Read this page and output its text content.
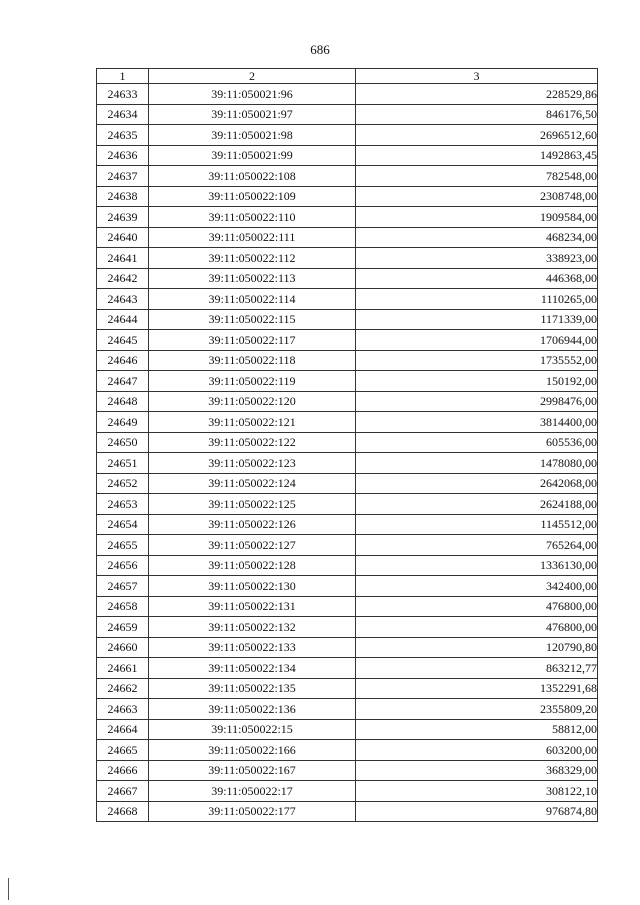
686
1	2	3
24633	39:11:050021:96	228529,86
24634	39:11:050021:97	846176,50
24635	39:11:050021:98	2696512,60
24636	39:11:050021:99	1492863,45
24637	39:11:050022:108	782548,00
24638	39:11:050022:109	2308748,00
24639	39:11:050022:110	1909584,00
24640	39:11:050022:111	468234,00
24641	39:11:050022:112	338923,00
24642	39:11:050022:113	446368,00
24643	39:11:050022:114	1110265,00
24644	39:11:050022:115	1171339,00
24645	39:11:050022:117	1706944,00
24646	39:11:050022:118	1735552,00
24647	39:11:050022:119	150192,00
24648	39:11:050022:120	2998476,00
24649	39:11:050022:121	3814400,00
24650	39:11:050022:122	605536,00
24651	39:11:050022:123	1478080,00
24652	39:11:050022:124	2642068,00
24653	39:11:050022:125	2624188,00
24654	39:11:050022:126	1145512,00
24655	39:11:050022:127	765264,00
24656	39:11:050022:128	1336130,00
24657	39:11:050022:130	342400,00
24658	39:11:050022:131	476800,00
24659	39:11:050022:132	476800,00
24660	39:11:050022:133	120790,80
24661	39:11:050022:134	863212,77
24662	39:11:050022:135	1352291,68
24663	39:11:050022:136	2355809,20
24664	39:11:050022:15	58812,00
24665	39:11:050022:166	603200,00
24666	39:11:050022:167	368329,00
24667	39:11:050022:17	308122,10
24668	39:11:050022:177	976874,80
